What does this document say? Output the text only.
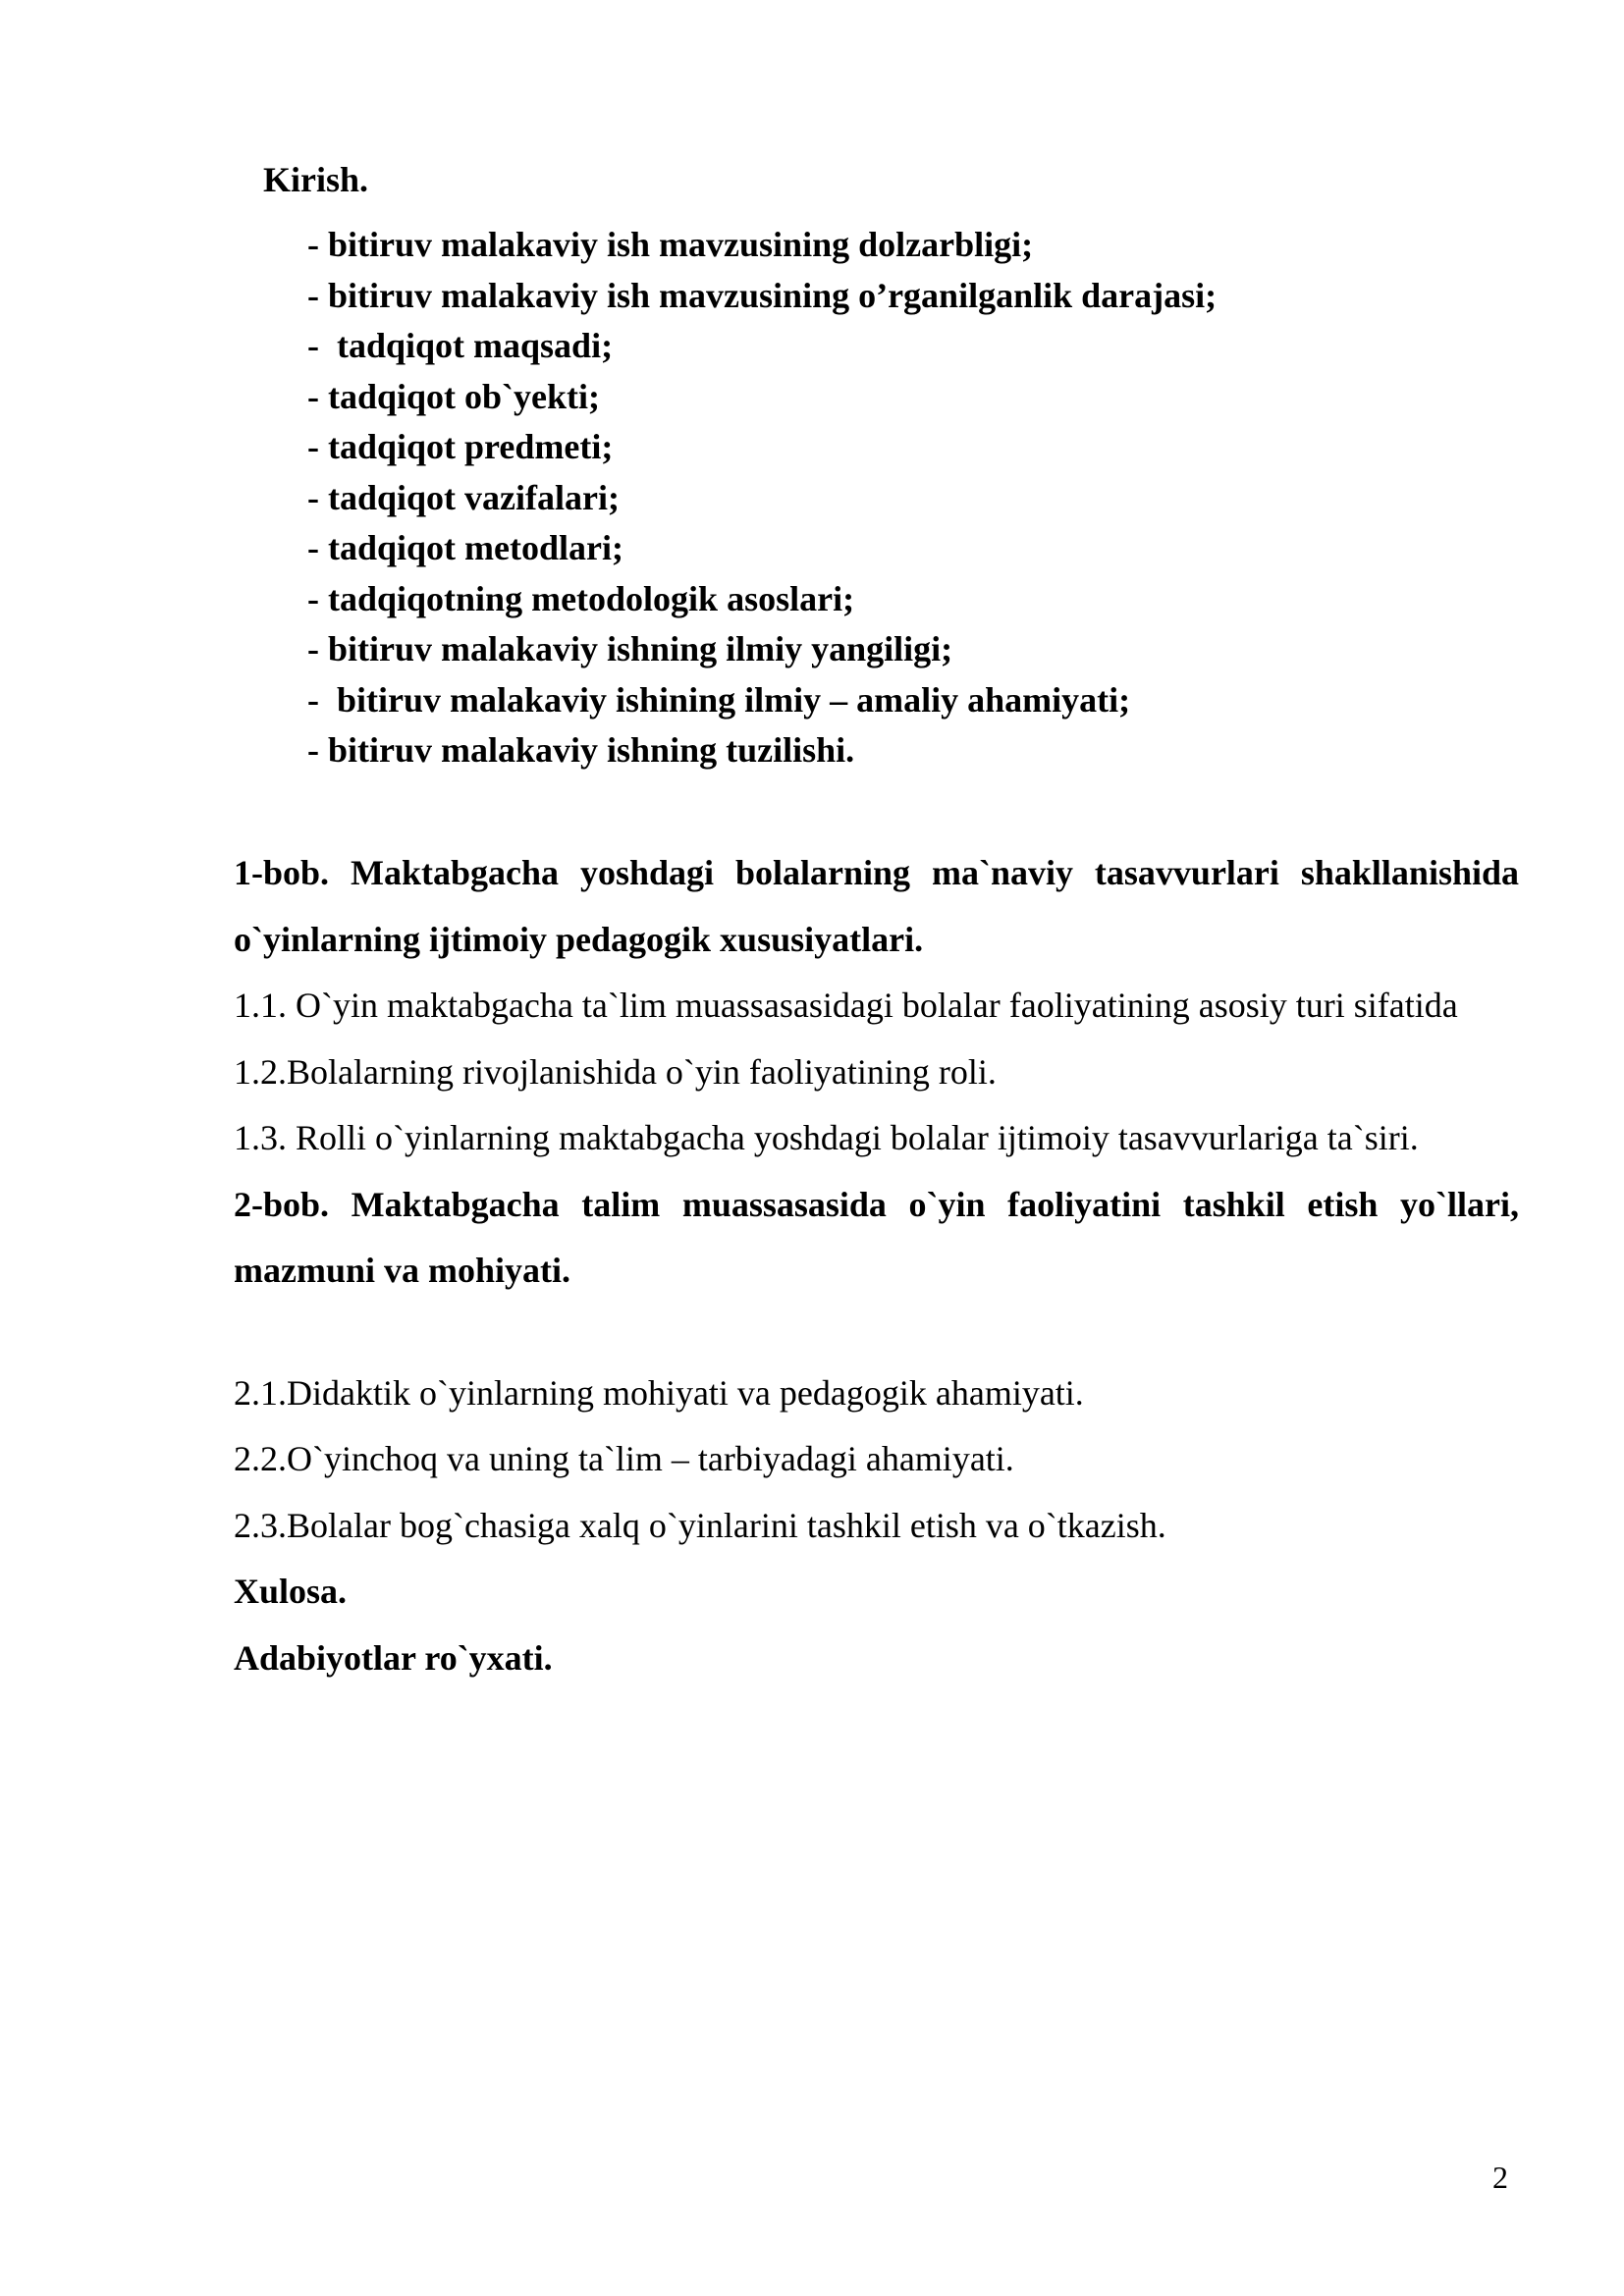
Kirish.

- bitiruv malakaviy ish mavzusining dolzarbligi;
- bitiruv malakaviy ish mavzusining o’rganilganlik darajasi;
-  tadqiqot maqsadi;
- tadqiqot ob`yekti;
- tadqiqot predmeti;
- tadqiqot vazifalari;
- tadqiqot metodlari;
- tadqiqotning metodologik asoslari;
- bitiruv malakaviy ishning ilmiy yangiligi;
-  bitiruv malakaviy ishining ilmiy – amaliy ahamiyati;
- bitiruv malakaviy ishning tuzilishi.

1-bob. Maktabgacha yoshdagi bolalarning ma`naviy tasavvurlari shakllanishida o`yinlarning ijtimoiy pedagogik xususiyatlari.

1.1. O`yin maktabgacha ta`lim muassasasidagi bolalar faoliyatining asosiy turi sifatida

1.2.Bolalarning rivojlanishida o`yin faoliyatining roli.

1.3. Rolli o`yinlarning maktabgacha yoshdagi bolalar ijtimoiy tasavvurlariga ta`siri.

2-bob. Maktabgacha talim muassasasida o`yin faoliyatini tashkil etish yo`llari, mazmuni va mohiyati.

2.1.Didaktik o`yinlarning mohiyati va pedagogik ahamiyati.

2.2.O`yinchoq va uning ta`lim – tarbiyadagi ahamiyati.

2.3.Bolalar bog`chasiga xalq o`yinlarini tashkil etish va o`tkazish.

Xulosa.

Adabiyotlar ro`yxati.

2
